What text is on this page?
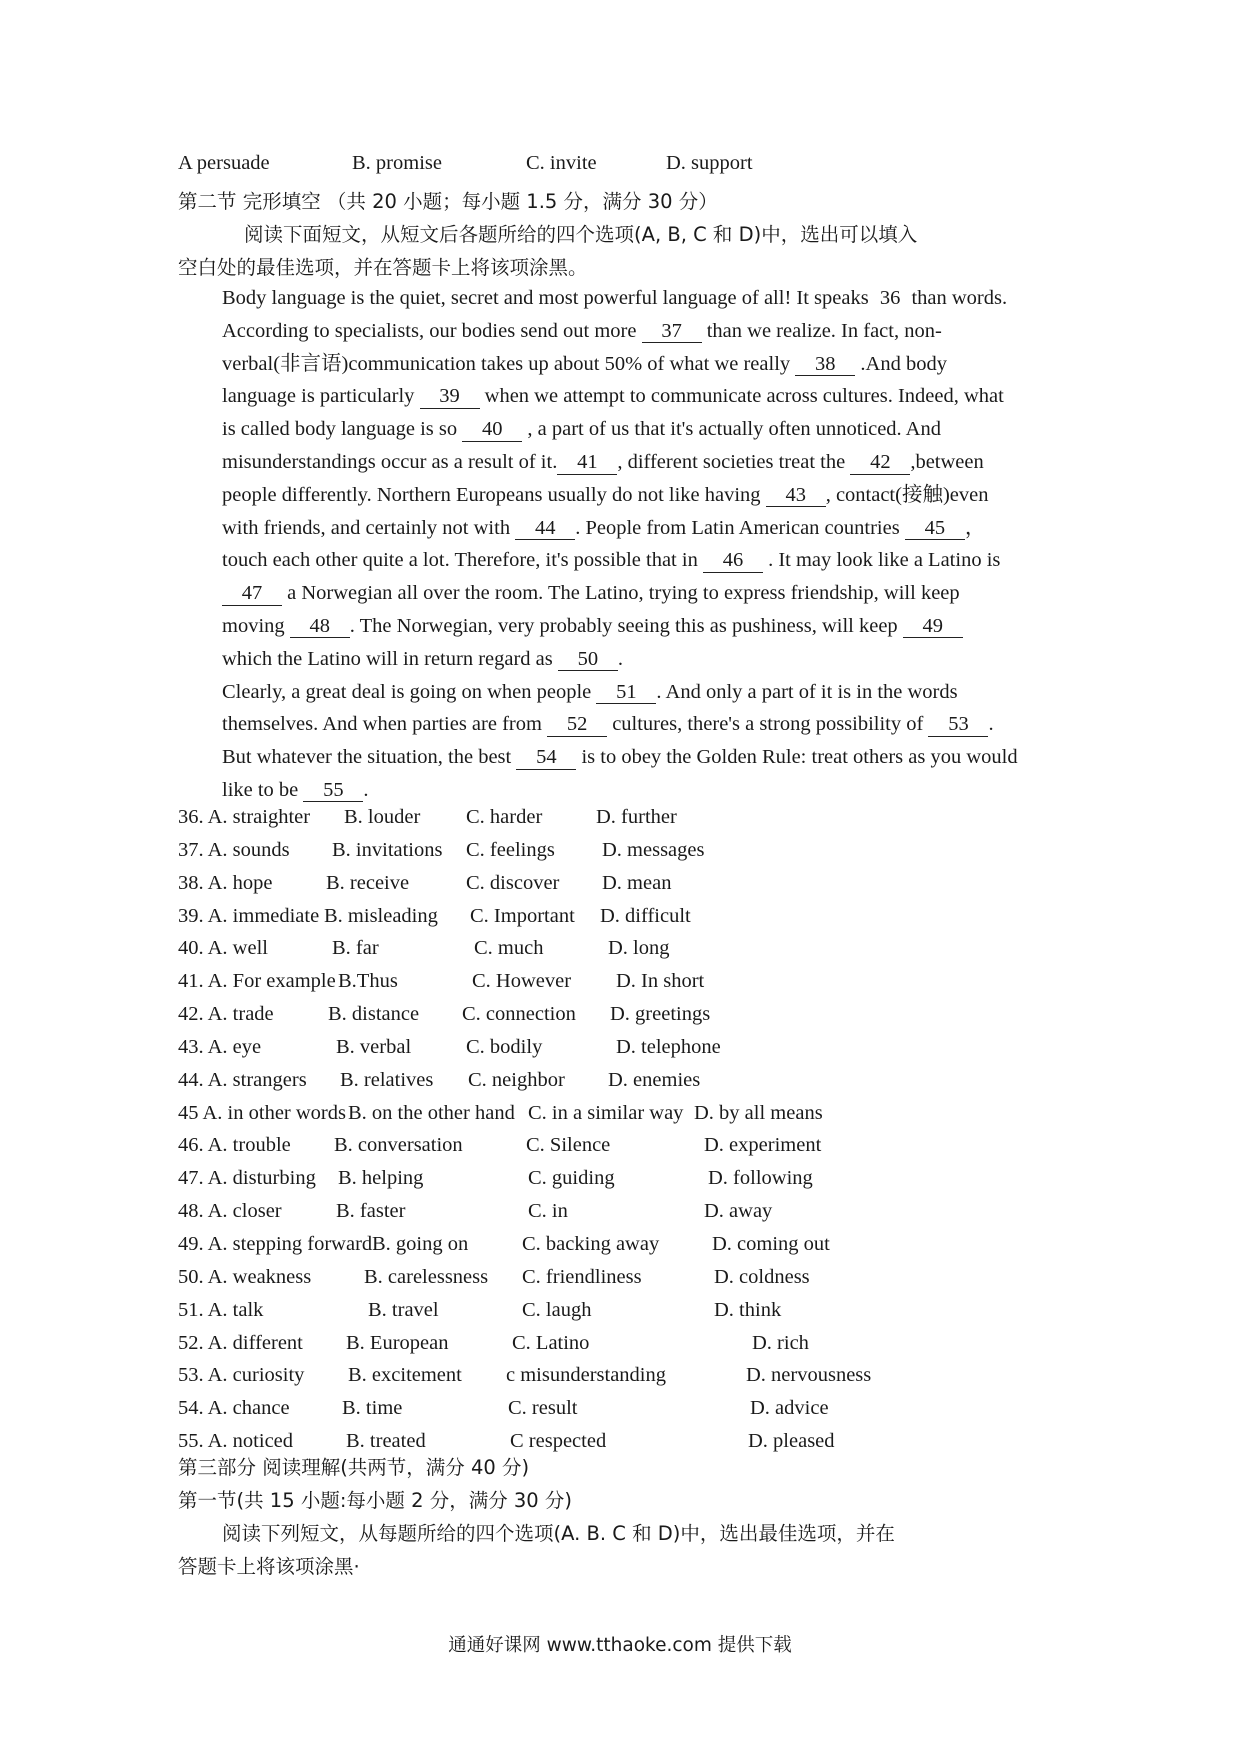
A persuade	B. promise	C. invite	D. support
第二节 完形填空 （共 20 小题；每小题 1.5 分，满分 30 分）
阅读下面短文，从短文后各题所给的四个选项(A, B, C 和 D)中，选出可以填入
空白处的最佳选项，并在答题卡上将该项涂黑。

Body language is the quiet, secret and most powerful language of all! It speaks 36 than words. According to specialists, our bodies send out more 37 than we realize. In fact, non-verbal(非言语)communication takes up about 50% of what we really 38 .And body language is particularly 39 when we attempt to communicate across cultures. Indeed, what is called body language is so 40 , a part of us that it's actually often unnoticed. And misunderstandings occur as a result of it. 41 , different societies treat the 42 ,between people differently. Northern Europeans usually do not like having 43 , contact(接触)even with friends, and certainly not with 44 . People from Latin American countries 45 ， touch each other quite a lot. Therefore, it's possible that in 46 . It may look like a Latino is 47 a Norwegian all over the room. The Latino, trying to express friendship, will keep moving 48 . The Norwegian, very probably seeing this as pushiness, will keep 49 which the Latino will in return regard as 50 .

Clearly, a great deal is going on when people 51 . And only a part of it is in the words themselves. And when parties are from 52 cultures, there's a strong possibility of 53 . But whatever the situation, the best 54 is to obey the Golden Rule: treat others as you would like to be 55 .

36. A. straighter B. louder C. harder	D. further
37. A. sounds B. invitations C. feelings D. messages
38. A. hope	B. receive	C. discover D. mean
39. A. immediate B. misleading C. Important D. difficult
40. A. well	B. far	C. much	D. long
41. A. For example B.Thus	C. However D. In short
42. A. trade	B. distance C. connection D. greetings
43. A. eye	B. verbal	C. bodily	D. telephone
44. A. strangers B. relatives C. neighbor D. enemies
45 A. in other words B. on the other hand C. in a similar way D. by all means
46. A. trouble B. conversation	C. Silence	D. experiment
47. A. disturbing B. helping	C. guiding	D. following
48. A. closer	B. faster	C. in	D. away
49. A. stepping forward B. going on	C. backing away	D. coming out
50. A. weakness	B. carelessness C. friendliness	D. coldness
51. A. talk	B. travel	C. laugh	D. think
52. A. different B. European	C. Latino	D. rich
53. A. curiosity B. excitement c misunderstanding	D. nervousness
54. A. chance	B. time	C. result	D. advice
55. A. noticed	B. treated	C respected	D. pleased
第三部分 阅读理解(共两节，满分 40 分)
第一节(共 15 小题:每小题 2 分，满分 30 分)
阅读下列短文，从每题所给的四个选项(A. B. C 和 D)中，选出最佳选项，并在
答题卡上将该项涂黑·
通通好课网 www.tthaoke.com 提供下载
